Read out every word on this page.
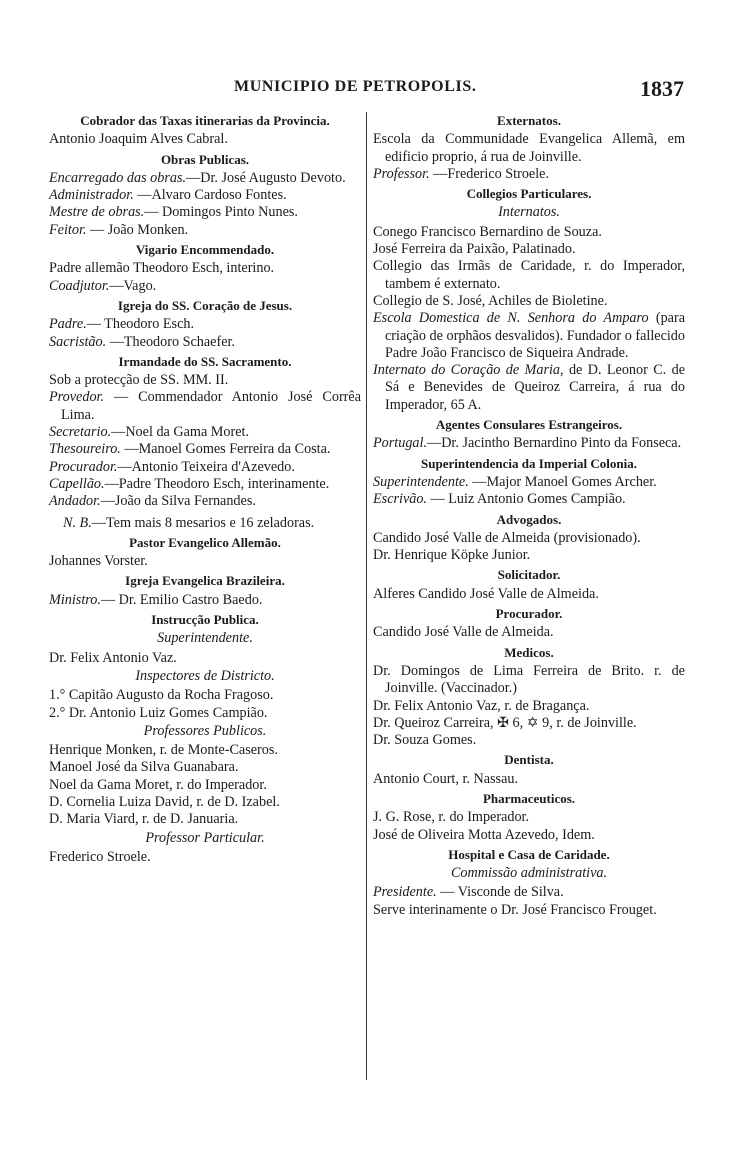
MUNICIPIO DE PETROPOLIS.	1837
Cobrador das Taxas itinerarias da Provincia.

Antonio Joaquim Alves Cabral.

Obras Publicas.

Encarregado das obras.—Dr. José Augusto Devoto.

Administrador. —Alvaro Cardoso Fontes.

Mestre de obras.— Domingos Pinto Nunes.

Feitor. — João Monken.

Vigario Encommendado.

Padre allemão Theodoro Esch, interino.

Coadjutor.—Vago.

Igreja do SS. Coração de Jesus.

Padre.— Theodoro Esch.

Sacristão. —Theodoro Schaefer.

Irmandade do SS. Sacramento.

Sob a protecção de SS. MM. II.

Provedor. — Commendador Antonio José Corrêa Lima.

Secretario.—Noel da Gama Moret.

Thesoureiro. —Manoel Gomes Ferreira da Costa.

Procurador.—Antonio Teixeira d'Azevedo.

Capellão.—Padre Theodoro Esch, interinamente.

Andador.—João da Silva Fernandes.

N. B.—Tem mais 8 mesarios e 16 zeladoras.

Pastor Evangelico Allemão.

Johannes Vorster.

Igreja Evangelica Brazileira.

Ministro.— Dr. Emilio Castro Baedo.

Instrucção Publica.
Superintendente.

Dr. Felix Antonio Vaz.

Inspectores de Districto.

1.° Capitão Augusto da Rocha Fragoso.

2.° Dr. Antonio Luiz Gomes Campião.

Professores Publicos.

Henrique Monken, r. de Monte-Caseros.

Manoel José da Silva Guanabara.

Noel da Gama Moret, r. do Imperador.

D. Cornelia Luiza David, r. de D. Izabel.

D. Maria Viard, r. de D. Januaria.

Professor Particular.

Frederico Stroele.

Externatos.

Escola da Communidade Evangelica Allemã, em edificio proprio, á rua de Joinville.

Professor. —Frederico Stroele.

Collegios Particulares.
Internatos.

Conego Francisco Bernardino de Souza.

José Ferreira da Paixão, Palatinado.

Collegio das Irmãs de Caridade, r. do Imperador, tambem é externato.

Collegio de S. José, Achiles de Bioletine.

Escola Domestica de N. Senhora do Amparo (para criação de orphãos desvalidos). Fundador o fallecido Padre João Francisco de Siqueira Andrade.

Internato do Coração de Maria, de D. Leonor C. de Sá e Benevides de Queiroz Carreira, á rua do Imperador, 65 A.

Agentes Consulares Estrangeiros.

Portugal.—Dr. Jacintho Bernardino Pinto da Fonseca.

Superintendencia da Imperial Colonia.

Superintendente. —Major Manoel Gomes Archer.

Escrivão. — Luiz Antonio Gomes Campião.

Advogados.

Candido José Valle de Almeida (provisionado).

Dr. Henrique Köpke Junior.

Solicitador.

Alferes Candido José Valle de Almeida.

Procurador.

Candido José Valle de Almeida.

Medicos.

Dr. Domingos de Lima Ferreira de Brito. r. de Joinville. (Vaccinador.)

Dr. Felix Antonio Vaz, r. de Bragança.

Dr. Queiroz Carreira, ✠ 6, ✡ 9, r. de Joinville.

Dr. Souza Gomes.

Dentista.

Antonio Court, r. Nassau.

Pharmaceuticos.

J. G. Rose, r. do Imperador.

José de Oliveira Motta Azevedo, Idem.

Hospital e Casa de Caridade.
Commissão administrativa.

Presidente. — Visconde de Silva.

Serve interinamente o Dr. José Francisco Frouget.
